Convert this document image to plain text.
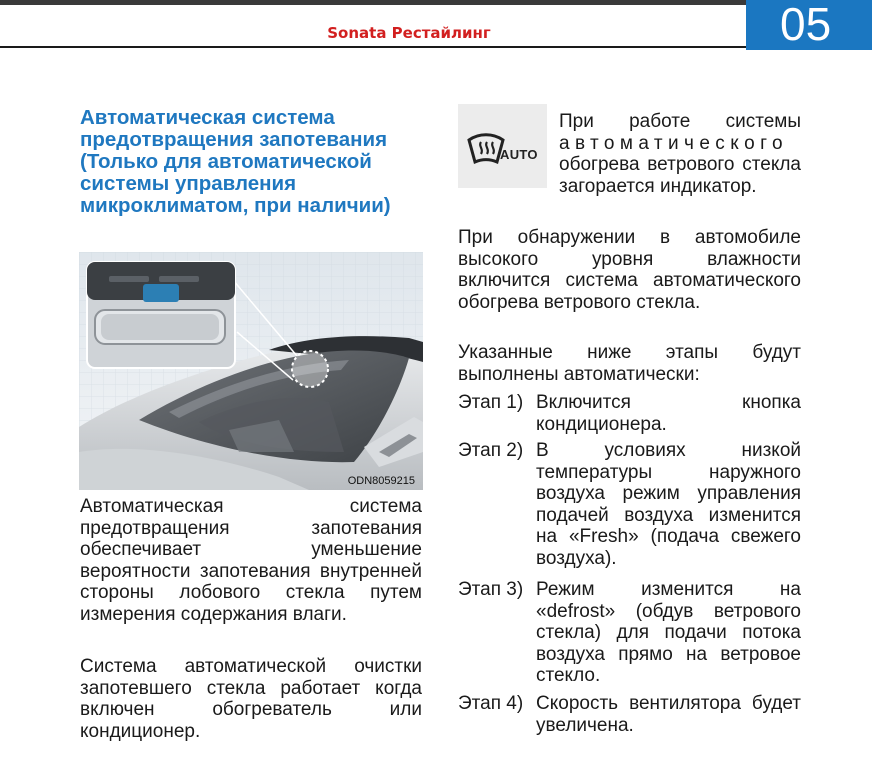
Sonata Рестайлинг	05
Автоматическая система предотвращения запотевания (Только для автоматической системы управления микроклиматом, при наличии)
ODN8059215
Автоматическая система предотвращения запотевания обеспечивает уменьшение вероятности запотевания внутренней стороны лобового стекла путем измерения содержания влаги.
Система автоматической очистки запотевшего стекла работает когда включен обогреватель или кондиционер.
AUTO
При работе системы автоматического обогрева ветрового стекла загорается индикатор.
При обнаружении в автомобиле высокого уровня влажности включится система автоматического обогрева ветрового стекла.
Указанные ниже этапы будут выполнены автоматически:
Этап 1) Включится кнопка кондиционера.
Этап 2) В условиях низкой температуры наружного воздуха режим управления подачей воздуха изменится на «Fresh» (подача свежего воздуха).
Этап 3) Режим изменится на «defrost» (обдув ветрового стекла) для подачи потока воздуха прямо на ветровое стекло.
Этап 4) Скорость вентилятора будет увеличена.
